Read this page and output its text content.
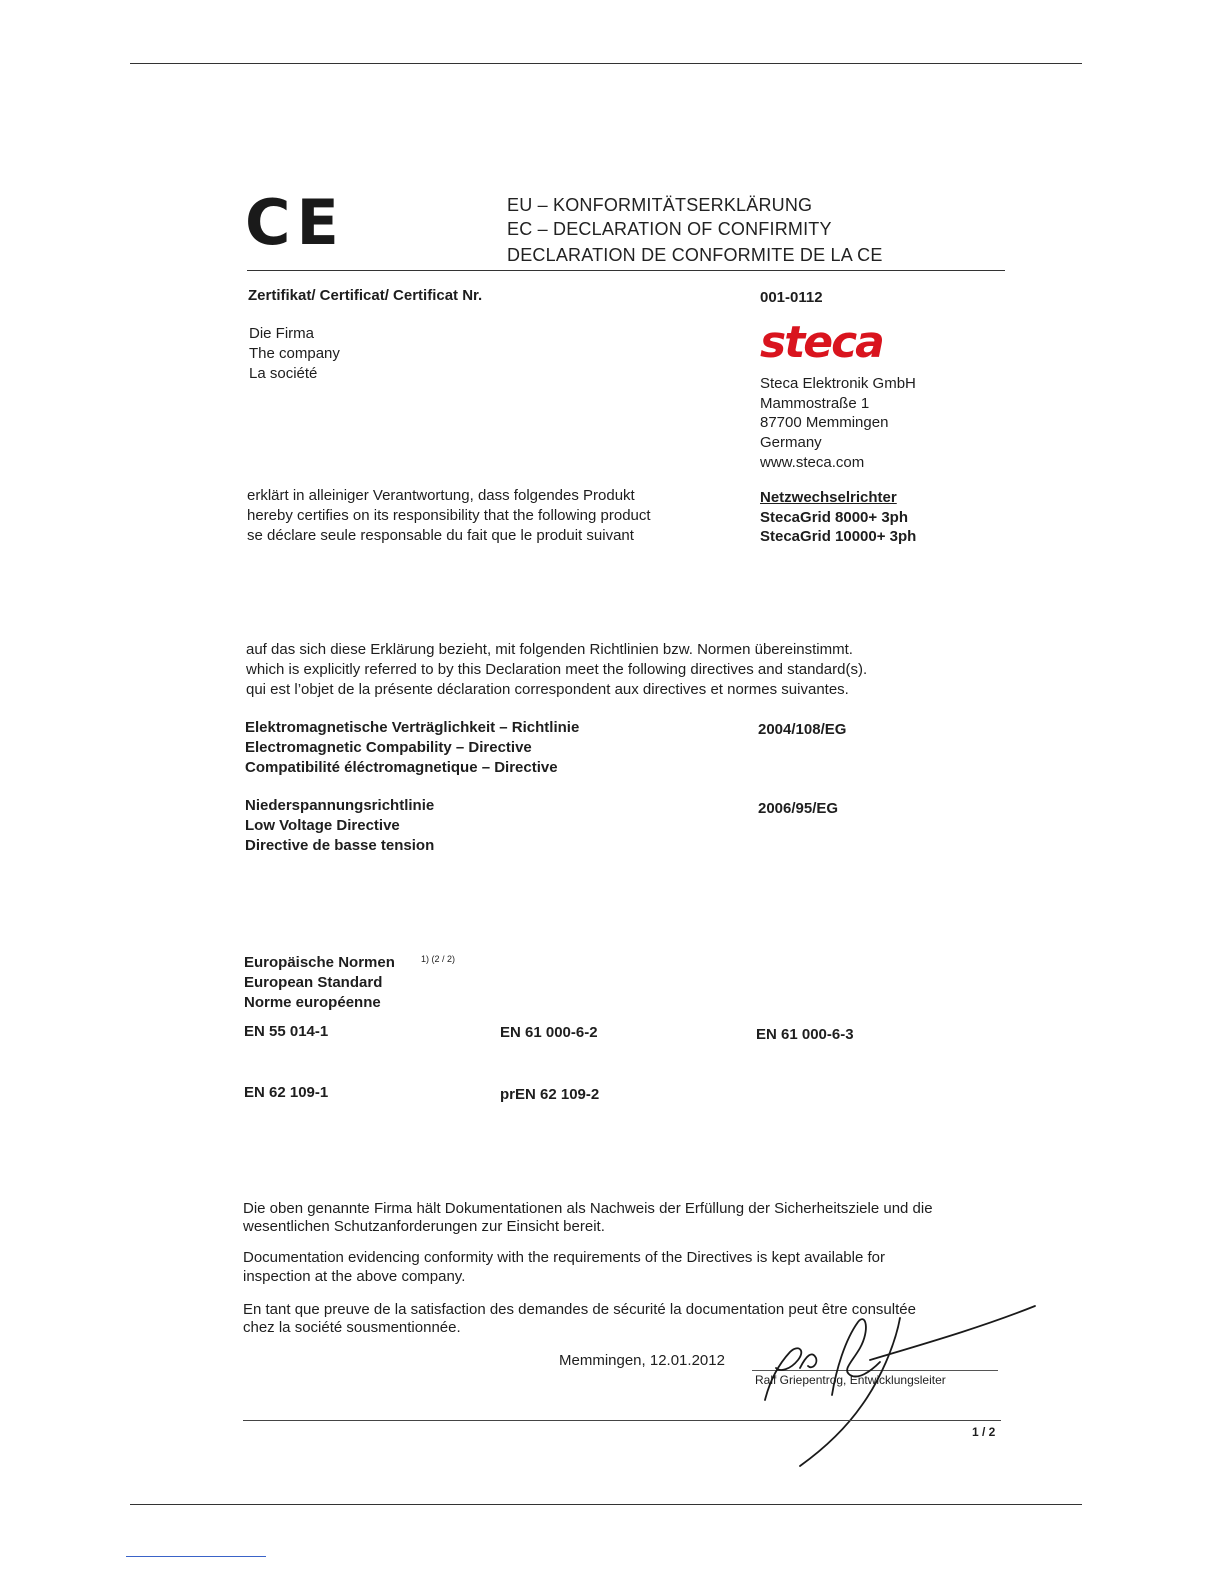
CE	EU – KONFORMITÄTSERKLÄRUNG
EC – DECLARATION OF CONFIRMITY
DECLARATION DE CONFORMITE DE LA CE
Zertifikat/ Certificat/ Certificat Nr.	001-0112
Die Firma
The company
La société
steca
Steca Elektronik GmbH
Mammostraße 1
87700 Memmingen
Germany
www.steca.com
erklärt in alleiniger Verantwortung, dass folgendes Produkt
hereby certifies on its responsibility that the following product
se déclare seule responsable du fait que le produit suivant
Netzwechselrichter
StecaGrid 8000+ 3ph
StecaGrid 10000+ 3ph
auf das sich diese Erklärung bezieht, mit folgenden Richtlinien bzw. Normen übereinstimmt.
which is explicitly referred to by this Declaration meet the following directives and standard(s).
qui est l’objet de la présente déclaration correspondent aux directives et normes suivantes.
Elektromagnetische Verträglichkeit – Richtlinie
Electromagnetic Compability – Directive
Compatibilité éléctromagnetique – Directive
2004/108/EG
Niederspannungsrichtlinie
Low Voltage Directive
Directive de basse tension
2006/95/EG
Europäische Normen	1) (2 / 2)
European Standard
Norme européenne
EN 55 014-1	EN 61 000-6-2	EN 61 000-6-3
EN 62 109-1	prEN 62 109-2
Die oben genannte Firma hält Dokumentationen als Nachweis der Erfüllung der Sicherheitsziele und die
wesentlichen Schutzanforderungen zur Einsicht bereit.
Documentation evidencing conformity with the requirements of the Directives is kept available for
inspection at the above company.
En tant que preuve de la satisfaction des demandes de sécurité la documentation peut être consultée
chez la société sousmentionnée.
Memmingen, 12.01.2012
Ralf Griepentrog, Entwicklungsleiter
1 / 2
